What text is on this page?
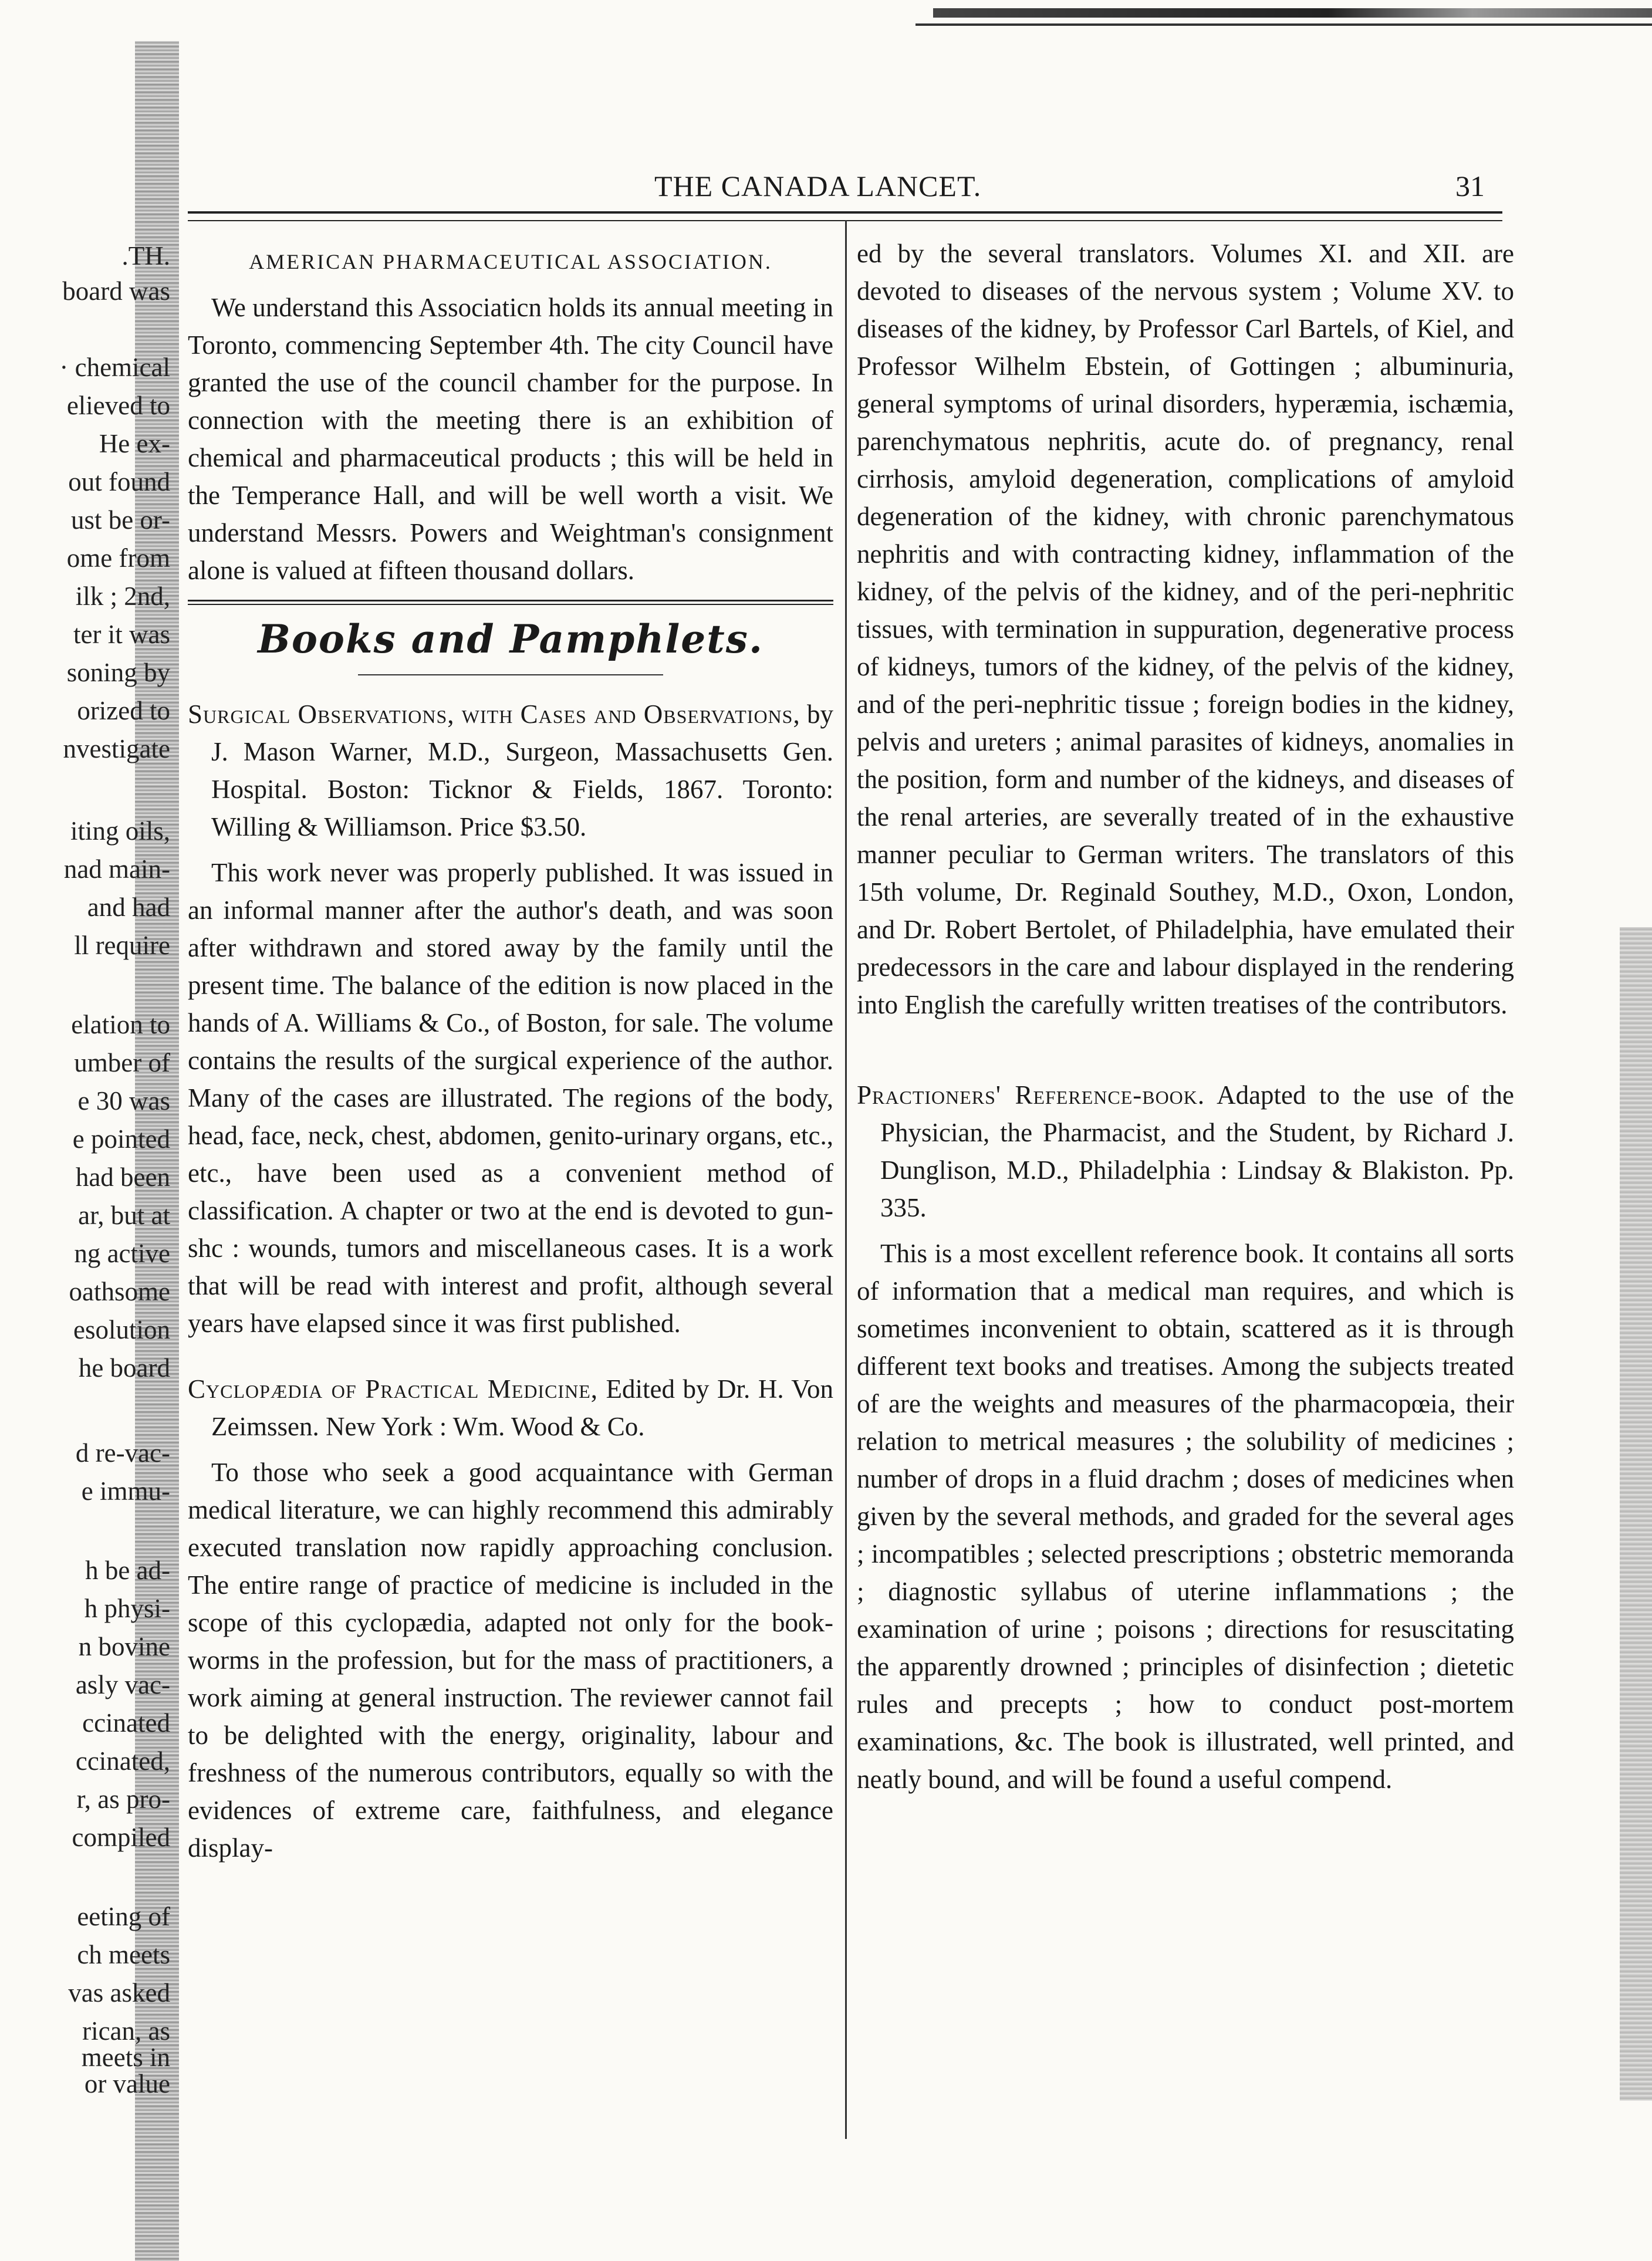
.TH.
board was
· chemical
elieved to
He ex-
out found
ust be or-
ome from
ilk ; 2nd,
ter it was
soning by
orized to
nvestigate
iting oils,
nad main-
and had
ll require
elation to
umber of
e 30 was
e pointed
had been
ar, but at
ng active
oathsome
esolution
he board
d re-vac-
e immu-
h be ad-
h physi-
n bovine
asly vac-
ccinated
ccinated,
r, as pro-
compiled
eeting of
ch meets
vas asked
rican, as
meets in
or value
THE CANADA LANCET.	31
AMERICAN PHARMACEUTICAL ASSOCIATION.

We understand this Associaticn holds its annual meeting in Toronto, commencing September 4th. The city Council have granted the use of the council chamber for the purpose. In connection with the meeting there is an exhibition of chemical and pharmaceutical products ; this will be held in the Temperance Hall, and will be well worth a visit. We understand Messrs. Powers and Weightman's consignment alone is valued at fifteen thousand dollars.

Books and Pamphlets.

Surgical Observations, with Cases and Observations, by J. Mason Warner, M.D., Surgeon, Massachusetts Gen. Hospital. Boston: Ticknor & Fields, 1867. Toronto: Willing & Williamson. Price $3.50.

This work never was properly published. It was issued in an informal manner after the author's death, and was soon after withdrawn and stored away by the family until the present time. The balance of the edition is now placed in the hands of A. Williams & Co., of Boston, for sale. The volume contains the results of the surgical experience of the author. Many of the cases are illustrated. The regions of the body, head, face, neck, chest, abdomen, genito-urinary organs, etc., etc., have been used as a convenient method of classification. A chapter or two at the end is devoted to gun-shc : wounds, tumors and miscellaneous cases. It is a work that will be read with interest and profit, although several years have elapsed since it was first published.

Cyclopædia of Practical Medicine, Edited by Dr. H. Von Zeimssen. New York : Wm. Wood & Co.

To those who seek a good acquaintance with German medical literature, we can highly recommend this admirably executed translation now rapidly approaching conclusion. The entire range of practice of medicine is included in the scope of this cyclopædia, adapted not only for the book-worms in the profession, but for the mass of practitioners, a work aiming at general instruction. The reviewer cannot fail to be delighted with the energy, originality, labour and freshness of the numerous contributors, equally so with the evidences of extreme care, faithfulness, and elegance display-

ed by the several translators. Volumes XI. and XII. are devoted to diseases of the nervous system ; Volume XV. to diseases of the kidney, by Professor Carl Bartels, of Kiel, and Professor Wilhelm Ebstein, of Gottingen ; albuminuria, general symptoms of urinal disorders, hyperæmia, ischæmia, parenchymatous nephritis, acute do. of pregnancy, renal cirrhosis, amyloid degeneration, complications of amyloid degeneration of the kidney, with chronic parenchymatous nephritis and with contracting kidney, inflammation of the kidney, of the pelvis of the kidney, and of the peri-nephritic tissues, with termination in suppuration, degenerative process of kidneys, tumors of the kidney, of the pelvis of the kidney, and of the peri-nephritic tissue ; foreign bodies in the kidney, pelvis and ureters ; animal parasites of kidneys, anomalies in the position, form and number of the kidneys, and diseases of the renal arteries, are severally treated of in the exhaustive manner peculiar to German writers. The translators of this 15th volume, Dr. Reginald Southey, M.D., Oxon, London, and Dr. Robert Bertolet, of Philadelphia, have emulated their predecessors in the care and labour displayed in the rendering into English the carefully written treatises of the contributors.

Practioners' Reference-book. Adapted to the use of the Physician, the Pharmacist, and the Student, by Richard J. Dunglison, M.D., Philadelphia : Lindsay & Blakiston. Pp. 335.

This is a most excellent reference book. It contains all sorts of information that a medical man requires, and which is sometimes inconvenient to obtain, scattered as it is through different text books and treatises. Among the subjects treated of are the weights and measures of the pharmacopœia, their relation to metrical measures ; the solubility of medicines ; number of drops in a fluid drachm ; doses of medicines when given by the several methods, and graded for the several ages ; incompatibles ; selected prescriptions ; obstetric memoranda ; diagnostic syllabus of uterine inflammations ; the examination of urine ; poisons ; directions for resuscitating the apparently drowned ; principles of disinfection ; dietetic rules and precepts ; how to conduct post-mortem examinations, &c. The book is illustrated, well printed, and neatly bound, and will be found a useful compend.
